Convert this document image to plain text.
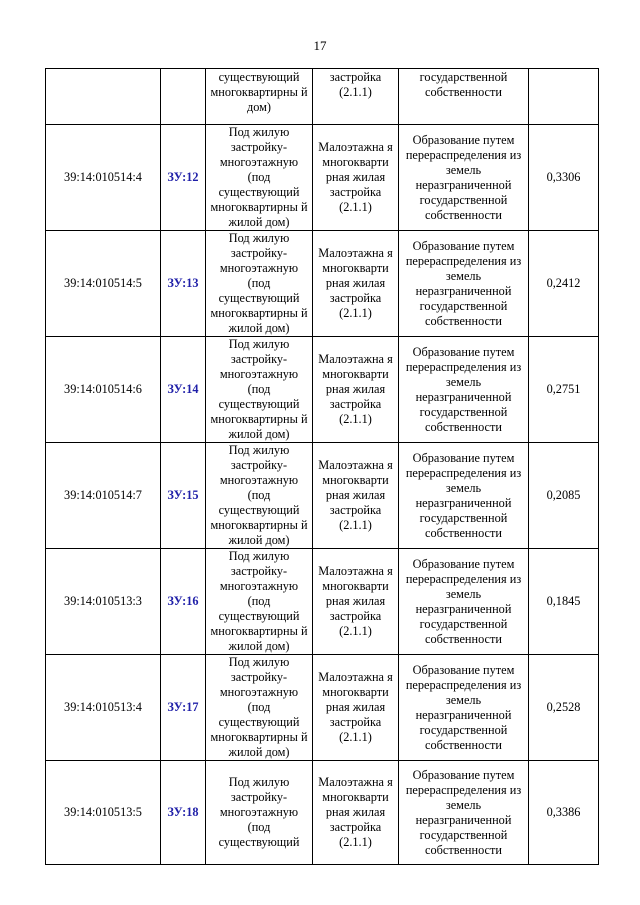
17
		существующий многоквартирны й дом)	застройка (2.1.1)	государственной собственности	
39:14:010514:4	ЗУ:12	Под жилую застройку-многоэтажную (под существующий многоквартирны й жилой дом)	Малоэтажна я многокварти рная жилая застройка (2.1.1)	Образование путем перераспределения из земель неразграниченной государственной собственности	0,3306
39:14:010514:5	ЗУ:13	Под жилую застройку-многоэтажную (под существующий многоквартирны й жилой дом)	Малоэтажна я многокварти рная жилая застройка (2.1.1)	Образование путем перераспределения из земель неразграниченной государственной собственности	0,2412
39:14:010514:6	ЗУ:14	Под жилую застройку-многоэтажную (под существующий многоквартирны й жилой дом)	Малоэтажна я многокварти рная жилая застройка (2.1.1)	Образование путем перераспределения из земель неразграниченной государственной собственности	0,2751
39:14:010514:7	ЗУ:15	Под жилую застройку-многоэтажную (под существующий многоквартирны й жилой дом)	Малоэтажна я многокварти рная жилая застройка (2.1.1)	Образование путем перераспределения из земель неразграниченной государственной собственности	0,2085
39:14:010513:3	ЗУ:16	Под жилую застройку-многоэтажную (под существующий многоквартирны й жилой дом)	Малоэтажна я многокварти рная жилая застройка (2.1.1)	Образование путем перераспределения из земель неразграниченной государственной собственности	0,1845
39:14:010513:4	ЗУ:17	Под жилую застройку-многоэтажную (под существующий многоквартирны й жилой дом)	Малоэтажна я многокварти рная жилая застройка (2.1.1)	Образование путем перераспределения из земель неразграниченной государственной собственности	0,2528
39:14:010513:5	ЗУ:18	Под жилую застройку-многоэтажную (под существующий	Малоэтажна я многокварти рная жилая застройка (2.1.1)	Образование путем перераспределения из земель неразграниченной государственной собственности	0,3386
